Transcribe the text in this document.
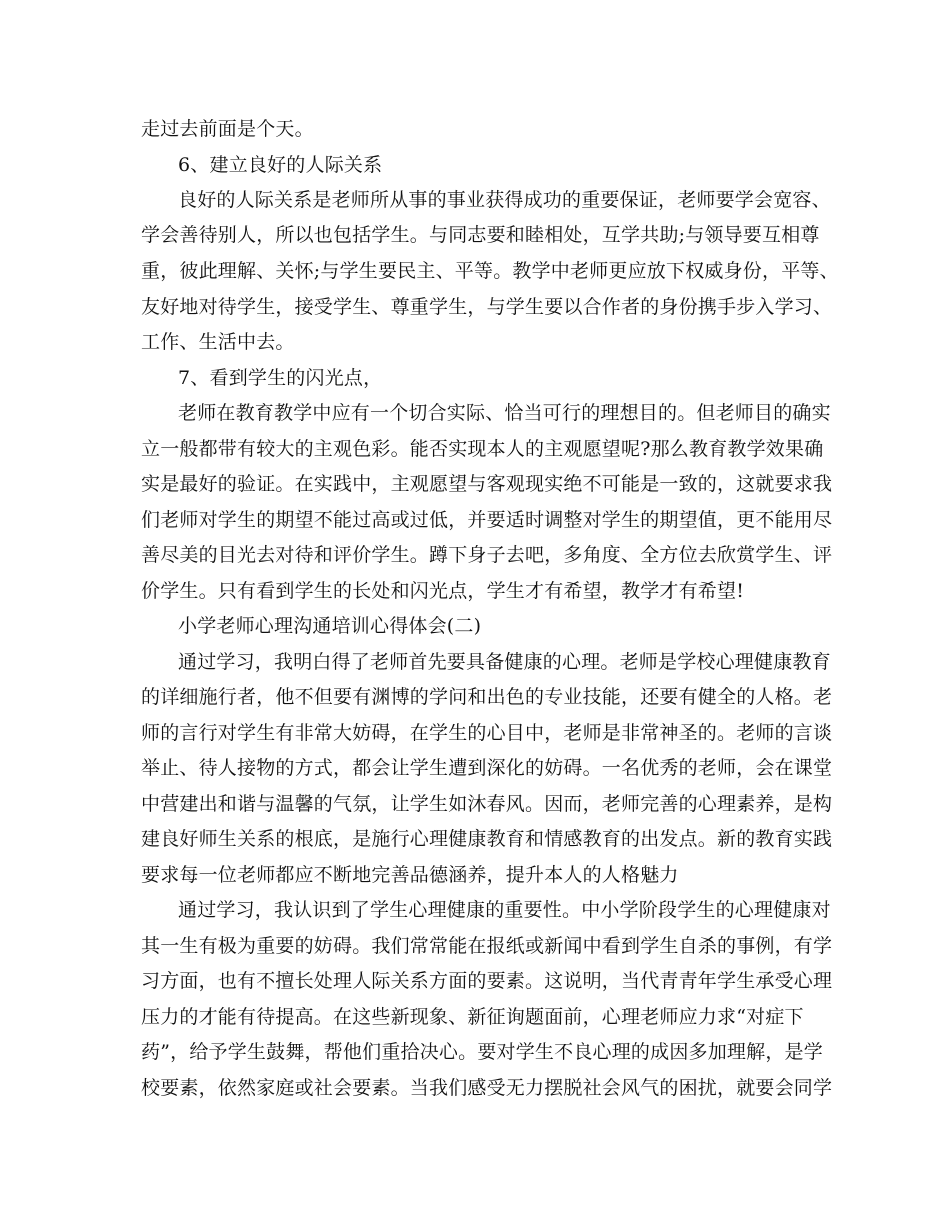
走过去前面是个天。
6、建立良好的人际关系
良好的人际关系是老师所从事的事业获得成功的重要保证，老师要学会宽容、
学会善待别人，所以也包括学生。与同志要和睦相处，互学共助;与领导要互相尊
重，彼此理解、关怀;与学生要民主、平等。教学中老师更应放下权威身份，平等、
友好地对待学生，接受学生、尊重学生，与学生要以合作者的身份携手步入学习、
工作、生活中去。
7、看到学生的闪光点，
老师在教育教学中应有一个切合实际、恰当可行的理想目的。但老师目的确实
立一般都带有较大的主观色彩。能否实现本人的主观愿望呢?那么教育教学效果确
实是最好的验证。在实践中，主观愿望与客观现实绝不可能是一致的，这就要求我
们老师对学生的期望不能过高或过低，并要适时调整对学生的期望值，更不能用尽
善尽美的目光去对待和评价学生。蹲下身子去吧，多角度、全方位去欣赏学生、评
价学生。只有看到学生的长处和闪光点，学生才有希望，教学才有希望!
小学老师心理沟通培训心得体会(二)
通过学习，我明白得了老师首先要具备健康的心理。老师是学校心理健康教育
的详细施行者，他不但要有渊博的学问和出色的专业技能，还要有健全的人格。老
师的言行对学生有非常大妨碍，在学生的心目中，老师是非常神圣的。老师的言谈
举止、待人接物的方式，都会让学生遭到深化的妨碍。一名优秀的老师，会在课堂
中营建出和谐与温馨的气氛，让学生如沐春风。因而，老师完善的心理素养，是构
建良好师生关系的根底，是施行心理健康教育和情感教育的出发点。新的教育实践
要求每一位老师都应不断地完善品德涵养，提升本人的人格魅力
通过学习，我认识到了学生心理健康的重要性。中小学阶段学生的心理健康对
其一生有极为重要的妨碍。我们常常能在报纸或新闻中看到学生自杀的事例，有学
习方面，也有不擅长处理人际关系方面的要素。这说明，当代青青年学生承受心理
压力的才能有待提高。在这些新现象、新征询题面前，心理老师应力求“对症下
药”，给予学生鼓舞，帮他们重拾决心。要对学生不良心理的成因多加理解，是学
校要素，依然家庭或社会要素。当我们感受无力摆脱社会风气的困扰，就要会同学
